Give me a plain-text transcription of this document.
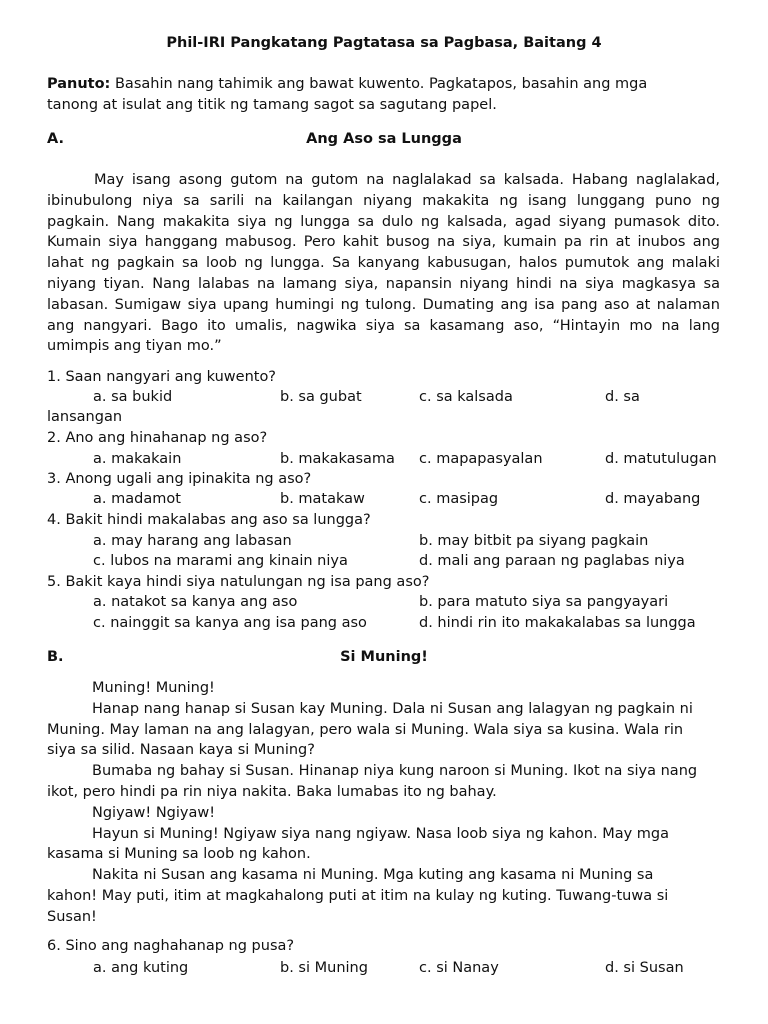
Phil-IRI Pangkatang Pagtatasa sa Pagbasa, Baitang 4
Panuto: Basahin nang tahimik ang bawat kuwento. Pagkatapos, basahin ang mga
tanong at isulat ang titik ng tamang sagot sa sagutang papel.
A.	Ang Aso sa Lungga
May isang asong gutom na gutom na naglalakad sa kalsada. Habang naglalakad, ibinubulong niya sa sarili na kailangan niyang makakita ng isang lunggang puno ng pagkain. Nang makakita siya ng lungga sa dulo ng kalsada, agad siyang pumasok dito. Kumain siya hanggang mabusog. Pero kahit busog na siya, kumain pa rin at inubos ang lahat ng pagkain sa loob ng lungga. Sa kanyang kabusugan, halos pumutok ang malaki niyang tiyan. Nang lalabas na lamang siya, napansin niyang hindi na siya magkasya sa labasan. Sumigaw siya upang humingi ng tulong. Dumating ang isa pang aso at nalaman ang nangyari. Bago ito umalis, nagwika siya sa kasamang aso, “Hintayin mo na lang umimpis ang tiyan mo.”
1. Saan nangyari ang kuwento?
a. sa bukid	b. sa gubat	c. sa kalsada	d. sa
lansangan
2. Ano ang hinahanap ng aso?
a. makakain	b. makakasama c. mapapasyalan	d. matutulugan
3. Anong ugali ang ipinakita ng aso?
a. madamot	b. matakaw	c. masipag	d. mayabang
4. Bakit hindi makalabas ang aso sa lungga?
a. may harang ang labasan	b. may bitbit pa siyang pagkain
c. lubos na marami ang kinain niya	d. mali ang paraan ng paglabas niya
5. Bakit kaya hindi siya natulungan ng isa pang aso?
a. natakot sa kanya ang aso	b. para matuto siya sa pangyayari
c. nainggit sa kanya ang isa pang aso	d. hindi rin ito makakalabas sa lungga
B.	Si Muning!

Muning! Muning!

Hanap nang hanap si Susan kay Muning. Dala ni Susan ang lalagyan ng pagkain ni

Muning. May laman na ang lalagyan, pero wala si Muning. Wala siya sa kusina. Wala rin

siya sa silid. Nasaan kaya si Muning?

Bumaba ng bahay si Susan. Hinanap niya kung naroon si Muning. Ikot na siya nang

ikot, pero hindi pa rin niya nakita. Baka lumabas ito ng bahay.

Ngiyaw! Ngiyaw!

Hayun si Muning! Ngiyaw siya nang ngiyaw. Nasa loob siya ng kahon. May mga

kasama si Muning sa loob ng kahon.

Nakita ni Susan ang kasama ni Muning. Mga kuting ang kasama ni Muning sa

kahon! May puti, itim at magkahalong puti at itim na kulay ng kuting. Tuwang-tuwa si

Susan!

6. Sino ang naghahanap ng pusa?
a. ang kuting	b. si Muning	c. si Nanay	d. si Susan
